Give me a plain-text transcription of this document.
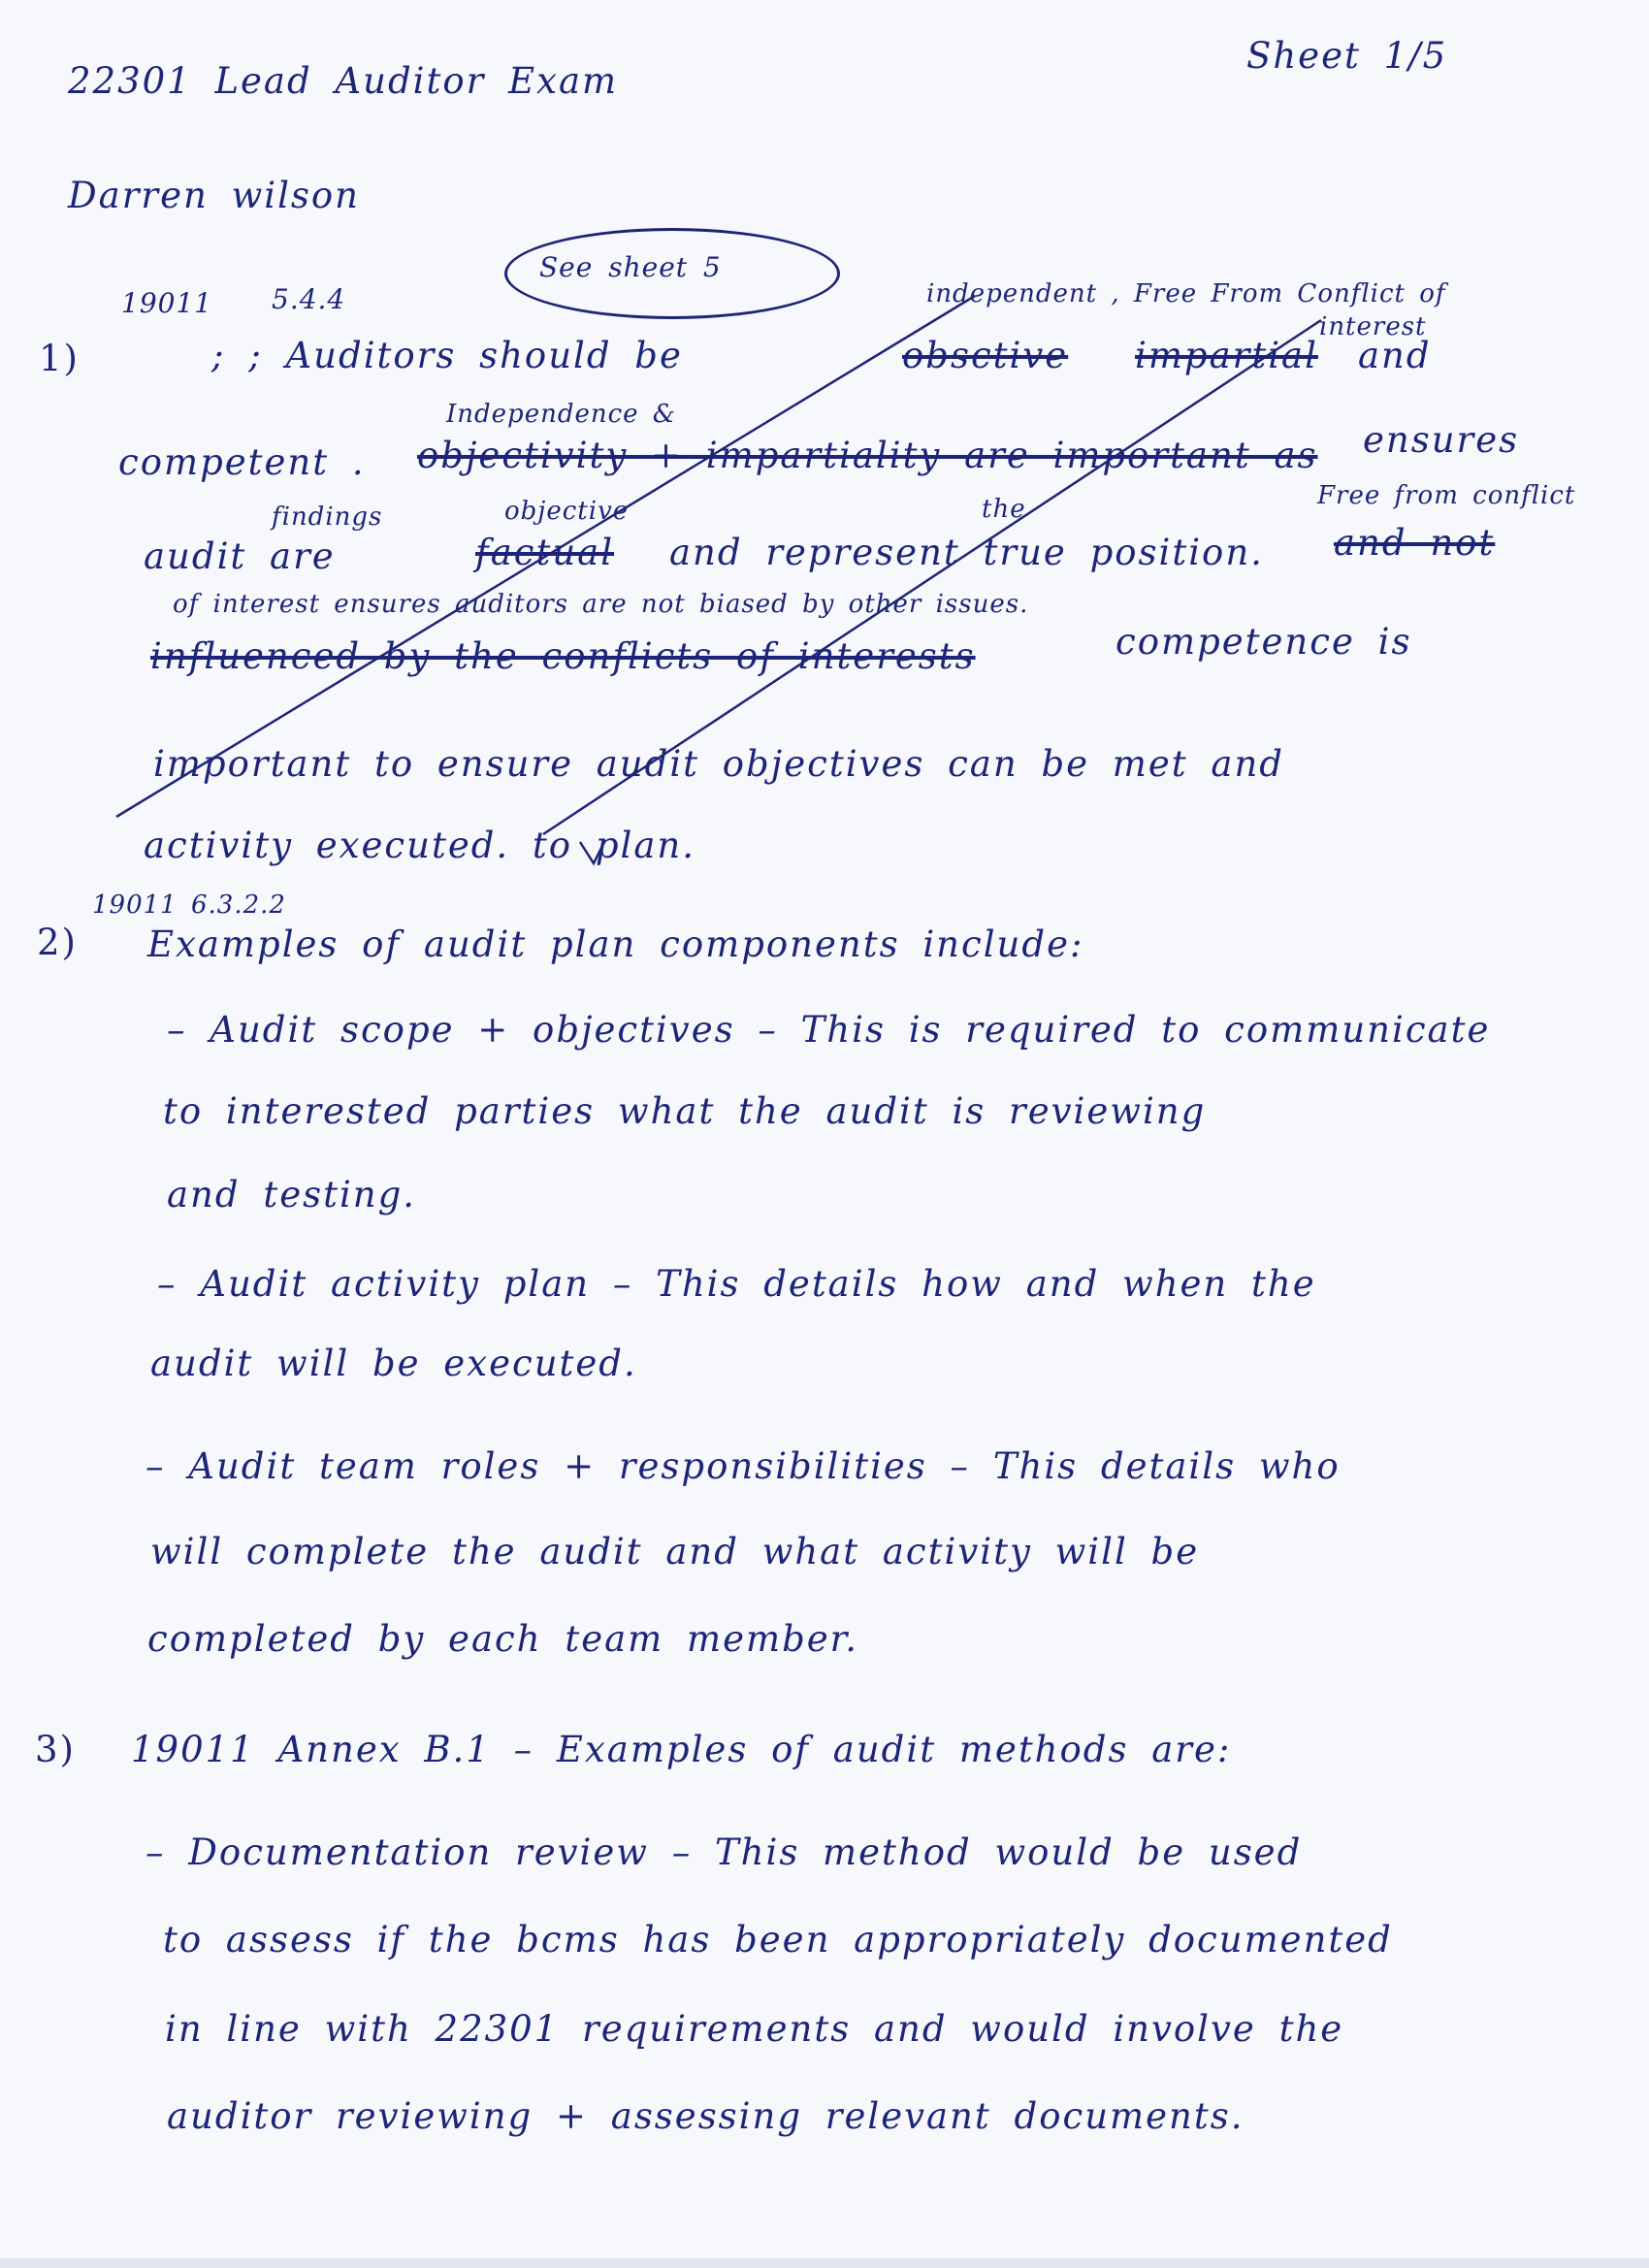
22301 Lead Auditor Exam
Darren wilson
Sheet 1/5
See sheet 5
19011 5.4.4	independent , Free From Conflict of
interest
1)	; ; Auditors should be	obsctive impartial and
Independence &
competent . objectivity + impartiality are important as ensures
findings	objective	the	Free from conflict
audit are	factual and represent true position. and not
of interest ensures auditors are not biased by other issues.
influenced by the conflicts of interests	competence is
important to ensure audit objectives can be met and
activity executed. to plan.
19011 6.3.2.2
2) Examples of audit plan components include:
– Audit scope + objectives – This is required to communicate
to interested parties what the audit is reviewing
and testing.
– Audit activity plan – This details how and when the
audit will be executed.
– Audit team roles + responsibilities – This details who
will complete the audit and what activity will be
completed by each team member.
3) 19011 Annex B.1 – Examples of audit methods are:
– Documentation review – This method would be used
to assess if the bcms has been appropriately documented
in line with 22301 requirements and would involve the
auditor reviewing + assessing relevant documents.
